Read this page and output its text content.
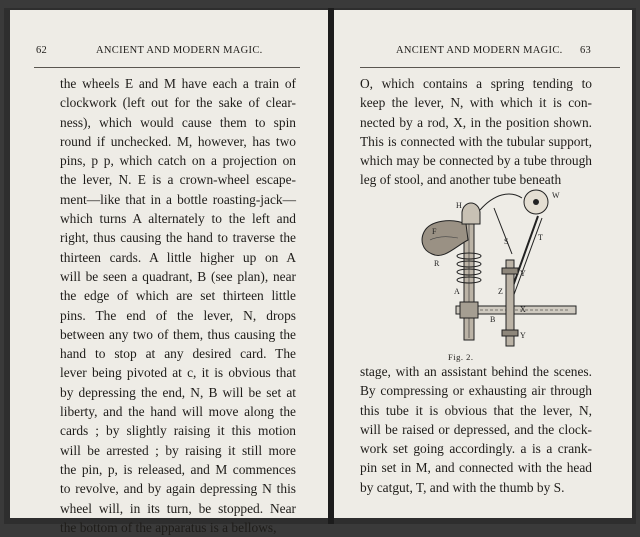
62	ANCIENT AND MODERN MAGIC.
the wheels E and M have each a train of
clockwork (left out for the sake of clear-
ness), which would cause them to spin
round if unchecked. M, however, has two
pins, p p, which catch on a projection on
the lever, N. E is a crown-wheel escape-
ment—like that in a bottle roasting-jack—
which turns A alternately to the left and
right, thus causing the hand to traverse the
thirteen cards. A little higher up on A
will be seen a quadrant, B (see plan), near
the edge of which are set thirteen little
pins. The end of the lever, N, drops
between any two of them, thus causing the
hand to stop at any desired card. The
lever being pivoted at c, it is obvious that
by depressing the end, N, B will be set at
liberty, and the hand will move along the
cards ; by slightly raising it this motion
will be arrested ; by raising it still more
the pin, p, is released, and M commences
to revolve, and by again depressing N this
wheel will, in its turn, be stopped. Near
the bottom of the apparatus is a bellows,
ANCIENT AND MODERN MAGIC. 63
O, which contains a spring tending to
keep the lever, N, with which it is con-
nected by a rod, X, in the position shown.
This is connected with the tubular support,
which may be connected by a tube through
leg of stool, and another tube beneath
H
W
F
S	T
R
Y
A	Z
X
B
Y
Fig. 2.
stage, with an assistant behind the scenes.
By compressing or exhausting air through
this tube it is obvious that the lever, N,
will be raised or depressed, and the clock-
work set going accordingly. a is a crank-
pin set in M, and connected with the head
by catgut, T, and with the thumb by S.
